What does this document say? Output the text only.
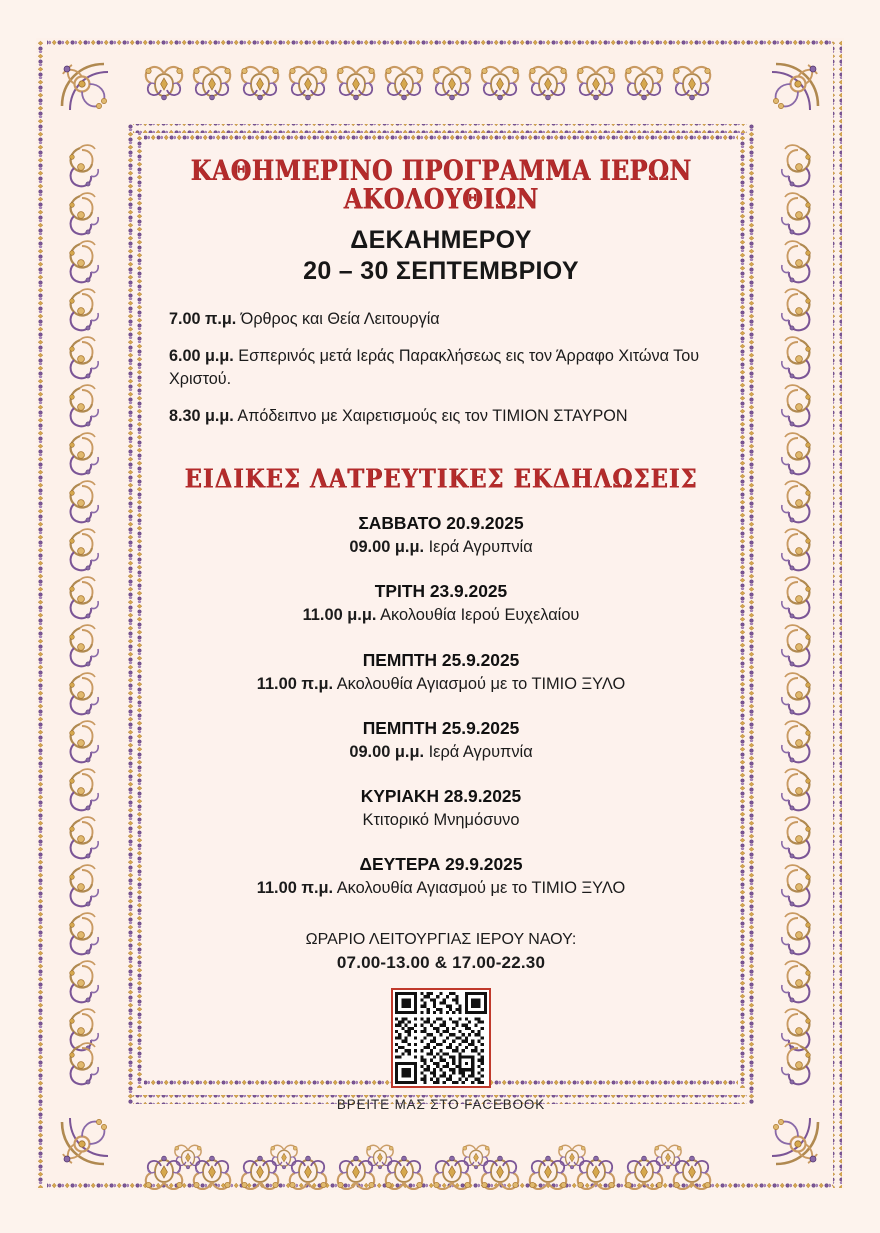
ΚΑΘΗΜΕΡΙΝΟ ΠΡΟΓΡΑΜΜΑ ΙΕΡΩΝ ΑΚΟΛΟΥΘΙΩΝ
ΔΕΚΑΗΜΕΡΟΥ
20 – 30 ΣΕΠΤΕΜΒΡΙΟΥ
7.00 π.μ. Όρθρος και Θεία Λειτουργία
6.00 μ.μ. Εσπερινός μετά Ιεράς Παρακλήσεως εις τον Άρραφο Χιτώνα Του Χριστού.
8.30 μ.μ. Απόδειπνο με Χαιρετισμούς εις τον ΤΙΜΙΟΝ ΣΤΑΥΡΟΝ
ΕΙΔΙΚΕΣ ΛΑΤΡΕΥΤΙΚΕΣ ΕΚΔΗΛΩΣΕΙΣ
ΣΑΒΒΑΤΟ 20.9.2025
09.00 μ.μ. Ιερά Αγρυπνία
ΤΡΙΤΗ 23.9.2025
11.00 μ.μ. Ακολουθία Ιερού Ευχελαίου
ΠΕΜΠΤΗ 25.9.2025
11.00 π.μ. Ακολουθία Αγιασμού με το ΤΙΜΙΟ ΞΥΛΟ
ΠΕΜΠΤΗ 25.9.2025
09.00 μ.μ. Ιερά Αγρυπνία
ΚΥΡΙΑΚΗ 28.9.2025
Κτιτορικό Μνημόσυνο
ΔΕΥΤΕΡΑ 29.9.2025
11.00 π.μ. Ακολουθία Αγιασμού με το ΤΙΜΙΟ ΞΥΛΟ
ΩΡΑΡΙΟ ΛΕΙΤΟΥΡΓΙΑΣ ΙΕΡΟΥ ΝΑΟΥ:
07.00-13.00 & 17.00-22.30
ΒΡΕΙΤΕ ΜΑΣ ΣΤΟ FACEBOOK
